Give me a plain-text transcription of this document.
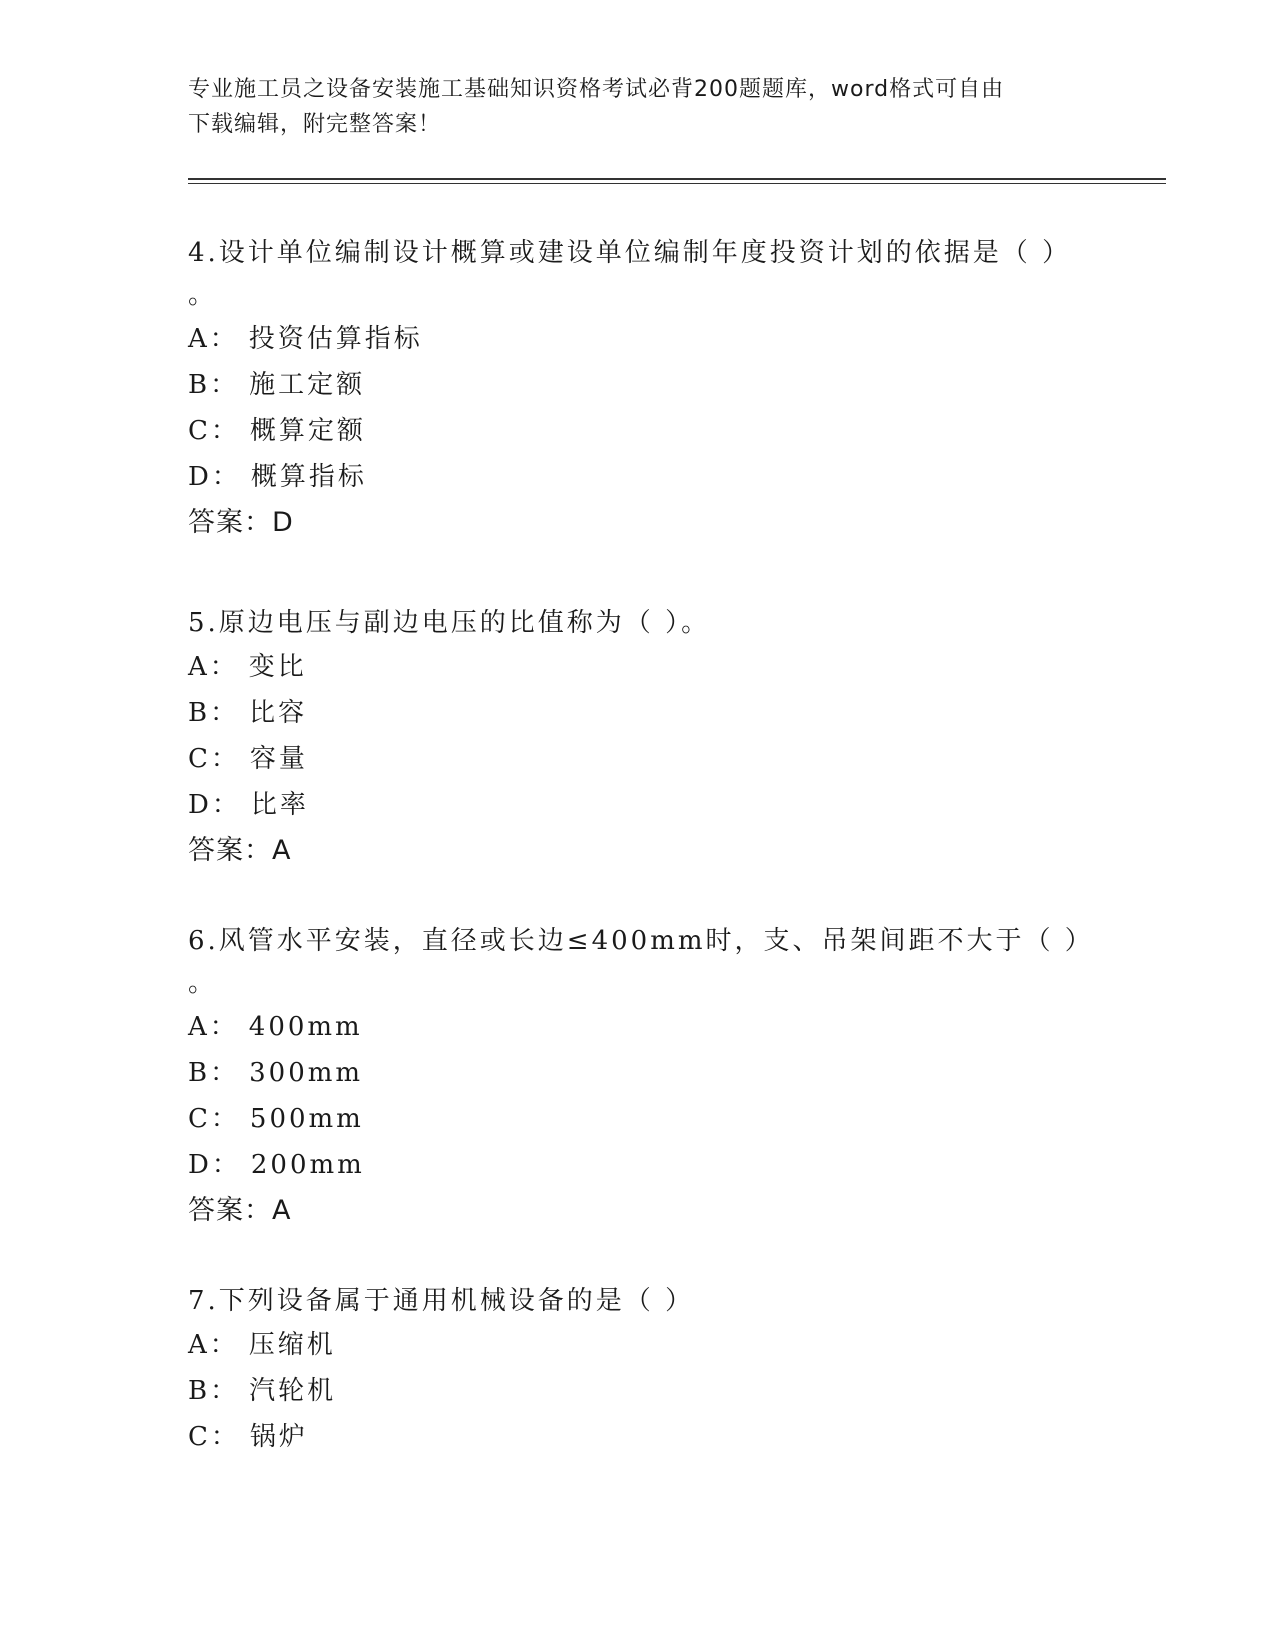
专业施工员之设备安装施工基础知识资格考试必背200题题库，word格式可自由
下载编辑，附完整答案！
4.设计单位编制设计概算或建设单位编制年度投资计划的依据是（ ）
。
A： 投资估算指标
B： 施工定额
C： 概算定额
D： 概算指标
答案：D
5.原边电压与副边电压的比值称为（ ）。
A： 变比
B： 比容
C： 容量
D： 比率
答案：A
6.风管水平安装，直径或长边≤400mm时，支、吊架间距不大于（ ）
。
A： 400mm
B： 300mm
C： 500mm
D： 200mm
答案：A
7.下列设备属于通用机械设备的是（ ）
A： 压缩机
B： 汽轮机
C： 锅炉
